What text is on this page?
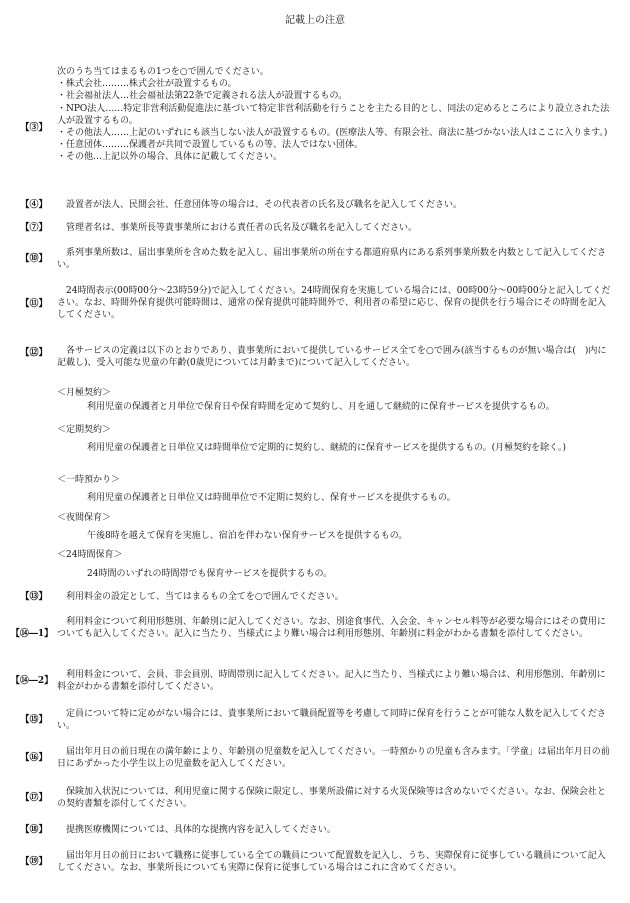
記載上の注意
【③】

次のうち当てはまるもの1つを○で囲んでください。

・株式会社………株式会社が設置するもの。

・社会福祉法人…社会福祉法第22条で定義される法人が設置するもの。

・NPO法人……特定非営利活動促進法に基づいて特定非営利活動を行うことを主たる目的とし、同法の定めるところにより設立された法人が設置するもの。

・その他法人……上記のいずれにも該当しない法人が設置するもの。(医療法人等、有限会社、商法に基づかない法人はここに入ります。)

・任意団体………保護者が共同で設置しているもの等、法人ではない団体。

・その他…上記以外の場合、具体に記載してください。

【④】	設置者が法人、民間会社、任意団体等の場合は、その代表者の氏名及び職名を記入してください。

【⑦】	管理者名は、事業所長等貴事業所における責任者の氏名及び職名を記入してください。

【⑩】

系列事業所数は、届出事業所を含めた数を記入し、届出事業所の所在する都道府県内にある系列事業所数を内数として記入してください。

【⑪】

24時間表示(00時00分～23時59分)で記入してください。24時間保育を実施している場合には、00時00分～00時00分と記入してください。なお、時間外保育提供可能時間は、通常の保育提供可能時間外で、利用者の希望に応じ、保育の提供を行う場合にその時間を記入してください。

【⑫】	各サービスの定義は以下のとおりであり、貴事業所において提供しているサービス全てを○で囲み(該当するものが無い場合は(　)内に記載し)、受入可能な児童の年齢(0歳児については月齢まで)について記入してください。

＜月極契約＞

利用児童の保護者と月単位で保育日や保育時間を定めて契約し、月を通して継続的に保育サービスを提供するもの。

＜定期契約＞

利用児童の保護者と日単位又は時間単位で定期的に契約し、継続的に保育サービスを提供するもの。(月極契約を除く。)

＜一時預かり＞

利用児童の保護者と日単位又は時間単位で不定期に契約し、保育サービスを提供するもの。

＜夜間保育＞

午後8時を越えて保育を実施し、宿泊を伴わない保育サービスを提供するもの。

＜24時間保育＞

24時間のいずれの時間帯でも保育サービスを提供するもの。

【⑬】	利用料金の設定として、当てはまるもの全てを○で囲んでください。

【⑭―1】

利用料金について利用形態別、年齢別に記入してください。なお、別途食事代、入会金、キャンセル料等が必要な場合にはその費用についても記入してください。記入に当たり、当様式により難い場合は利用形態別、年齢別に料金がわかる書類を添付してください。

【⑭―2】

利用料金について、会員、非会員別、時間帯別に記入してください。記入に当たり、当様式により難い場合は、利用形態別、年齢別に料金がわかる書類を添付してください。

【⑮】

定員について特に定めがない場合には、貴事業所において職員配置等を考慮して同時に保育を行うことが可能な人数を記入してください。

【⑯】

届出年月日の前日現在の満年齢により、年齢別の児童数を記入してください。一時預かりの児童も含みます。「学童」は届出年月日の前日にあずかった小学生以上の児童数を記入してください。

【⑰】

保険加入状況については、利用児童に関する保険に限定し、事業所設備に対する火災保険等は含めないでください。なお、保険会社との契約書類を添付してください。

【⑱】	提携医療機関については、具体的な提携内容を記入してください。

【⑲】

届出年月日の前日において職務に従事している全ての職員について配置数を記入し、うち、実際保育に従事している職員について記入してください。なお、事業所長についても実際に保育に従事している場合はこれに含めてください。
